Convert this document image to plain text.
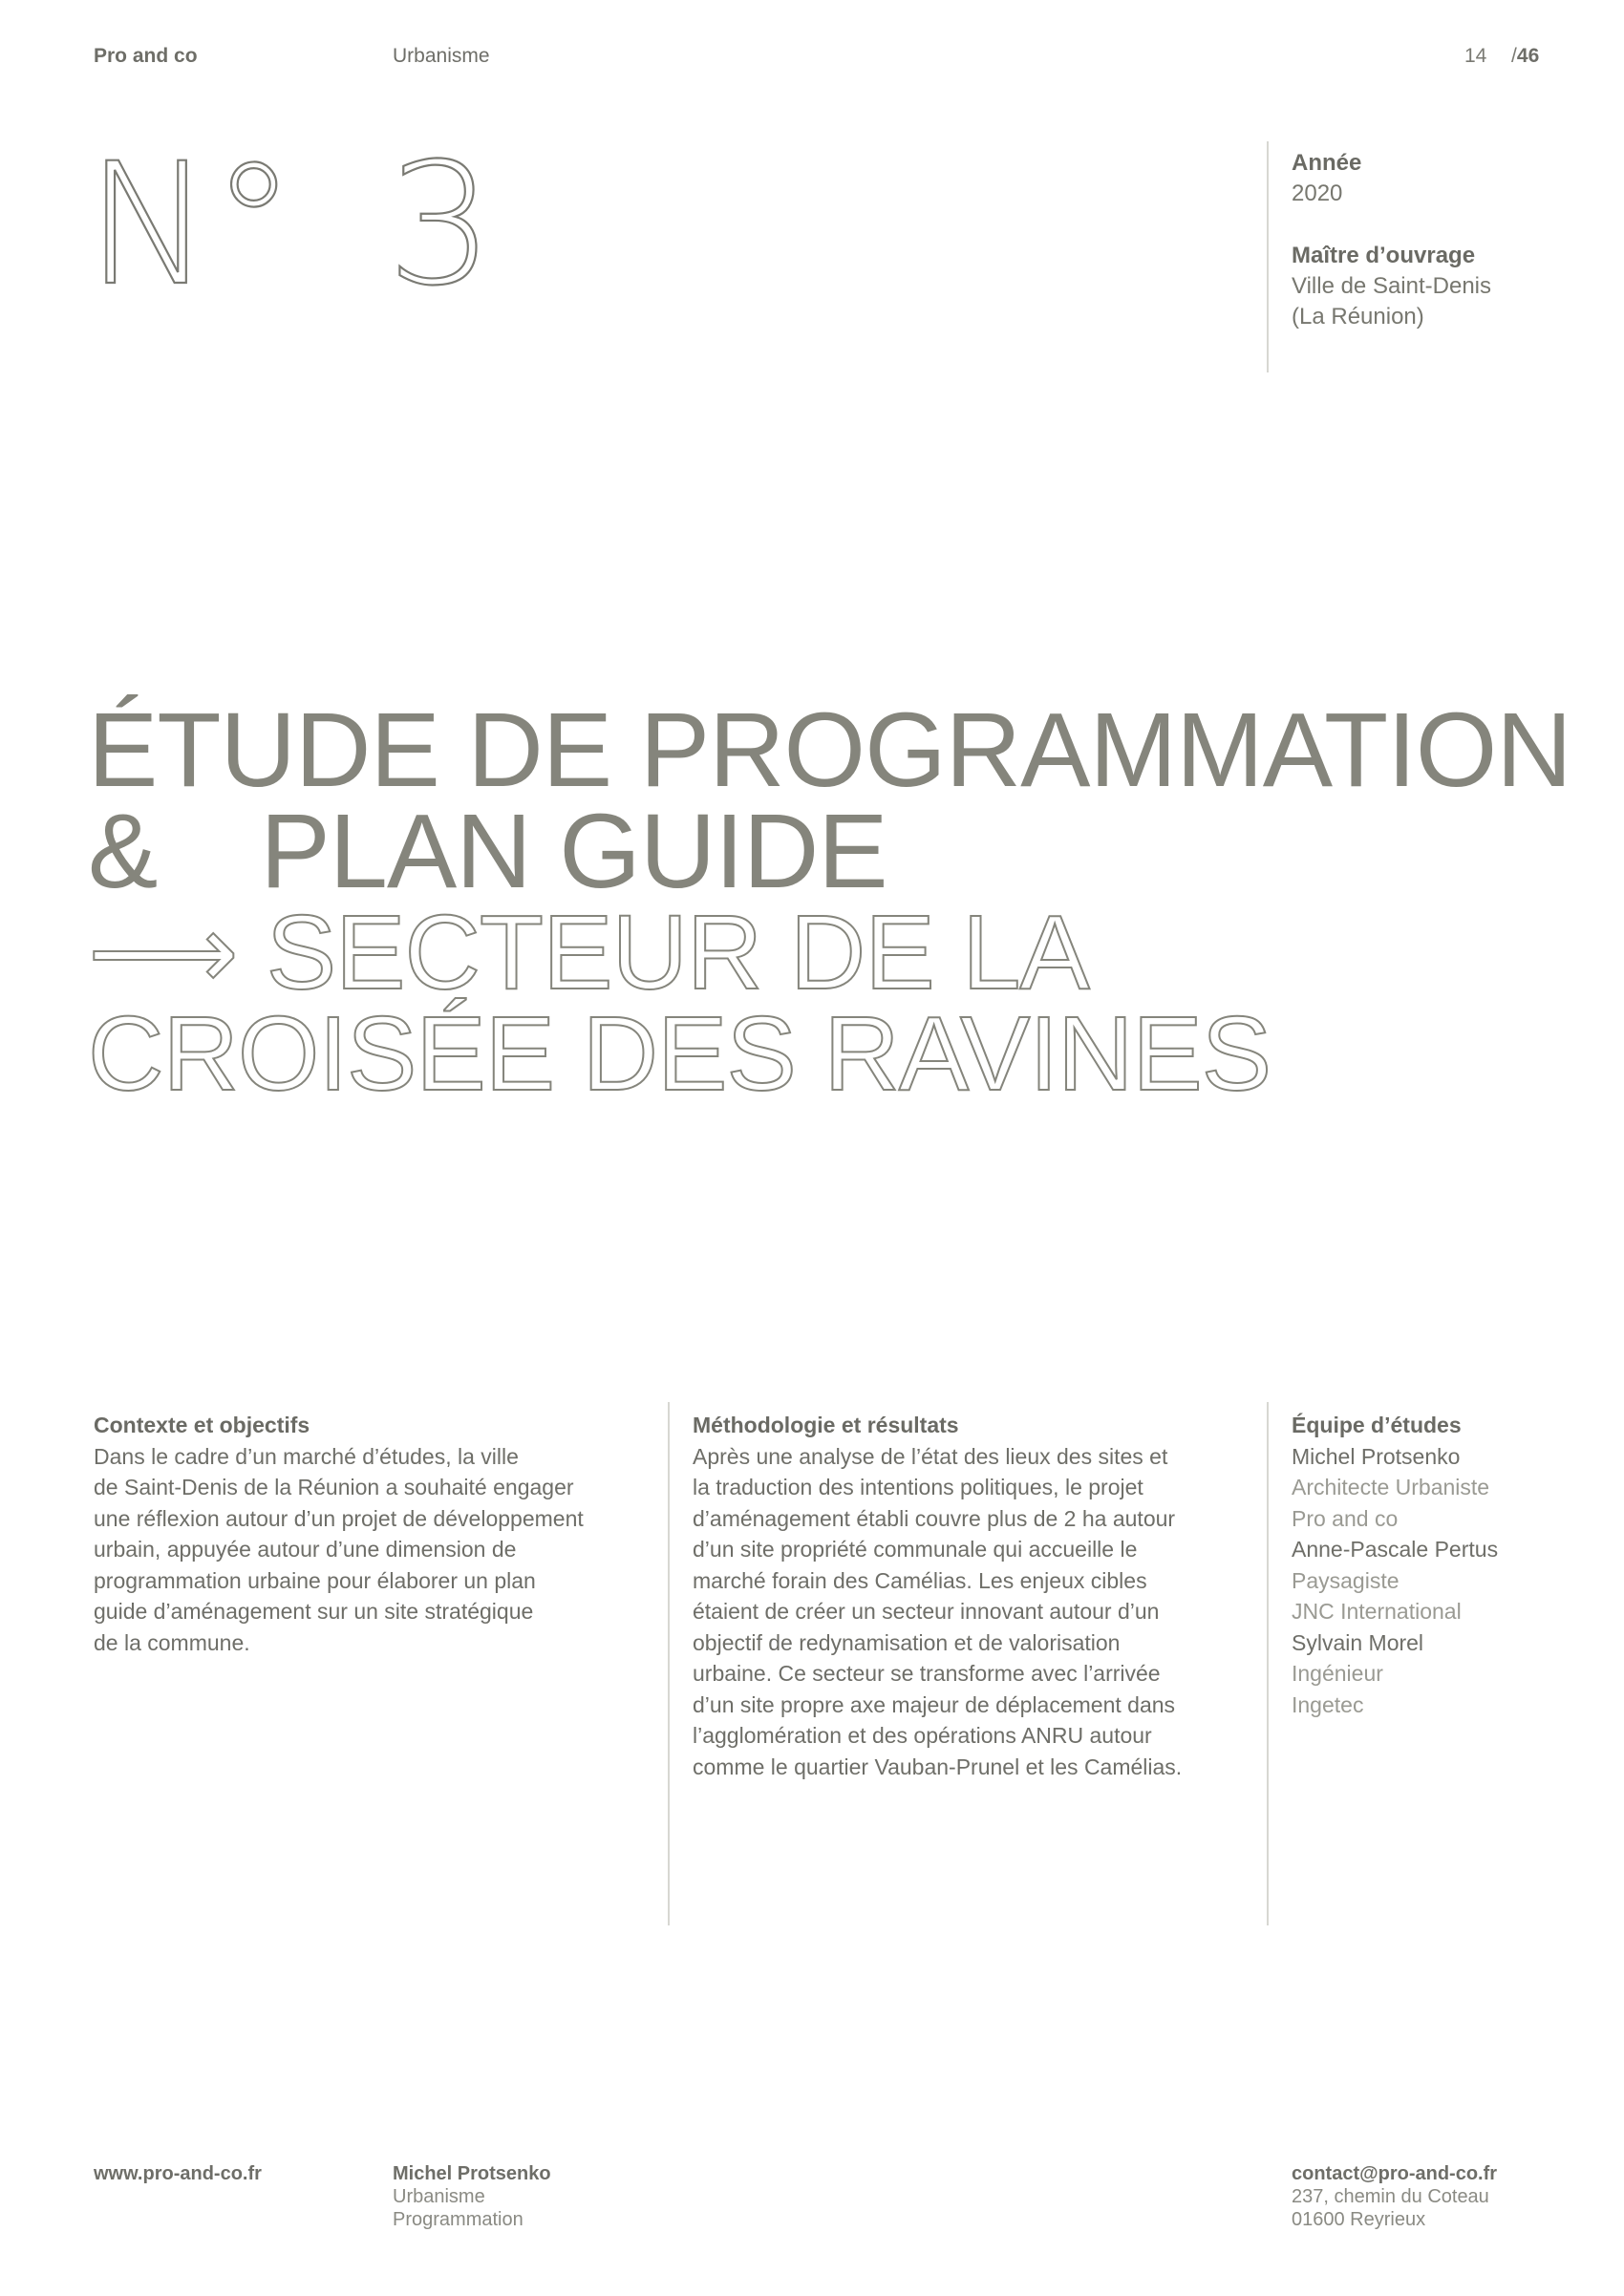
Pro and co	Urbanisme	14 /46
N° 3	Année
2020
Maître d’ouvrage
Ville de Saint-Denis
(La Réunion)
ÉTUDE DE PROGRAMMATION
& PLAN GUIDE
⟶ SECTEUR DE LA
CROISÉE DES RAVINES

Contexte et objectifs

Dans le cadre d’un marché d’études, la ville

de Saint-Denis de la Réunion a souhaité engager

une réflexion autour d’un projet de développement

urbain, appuyée autour d’une dimension de

programmation urbaine pour élaborer un plan

guide d’aménagement sur un site stratégique

de la commune.

Méthodologie et résultats

Après une analyse de l’état des lieux des sites et

la traduction des intentions politiques, le projet

d’aménagement établi couvre plus de 2 ha autour

d’un site propriété communale qui accueille le

marché forain des Camélias. Les enjeux cibles

étaient de créer un secteur innovant autour d’un

objectif de redynamisation et de valorisation

urbaine. Ce secteur se transforme avec l’arrivée

d’un site propre axe majeur de déplacement dans

l’agglomération et des opérations ANRU autour

comme le quartier Vauban-Prunel et les Camélias.

Équipe d’études

Michel Protsenko

Architecte Urbaniste

Pro and co

Anne-Pascale Pertus

Paysagiste

JNC International

Sylvain Morel

Ingénieur

Ingetec

www.pro-and-co.fr	Michel Protsenko
Urbanisme
Programmation
contact@pro-and-co.fr
237, chemin du Coteau
01600 Reyrieux
